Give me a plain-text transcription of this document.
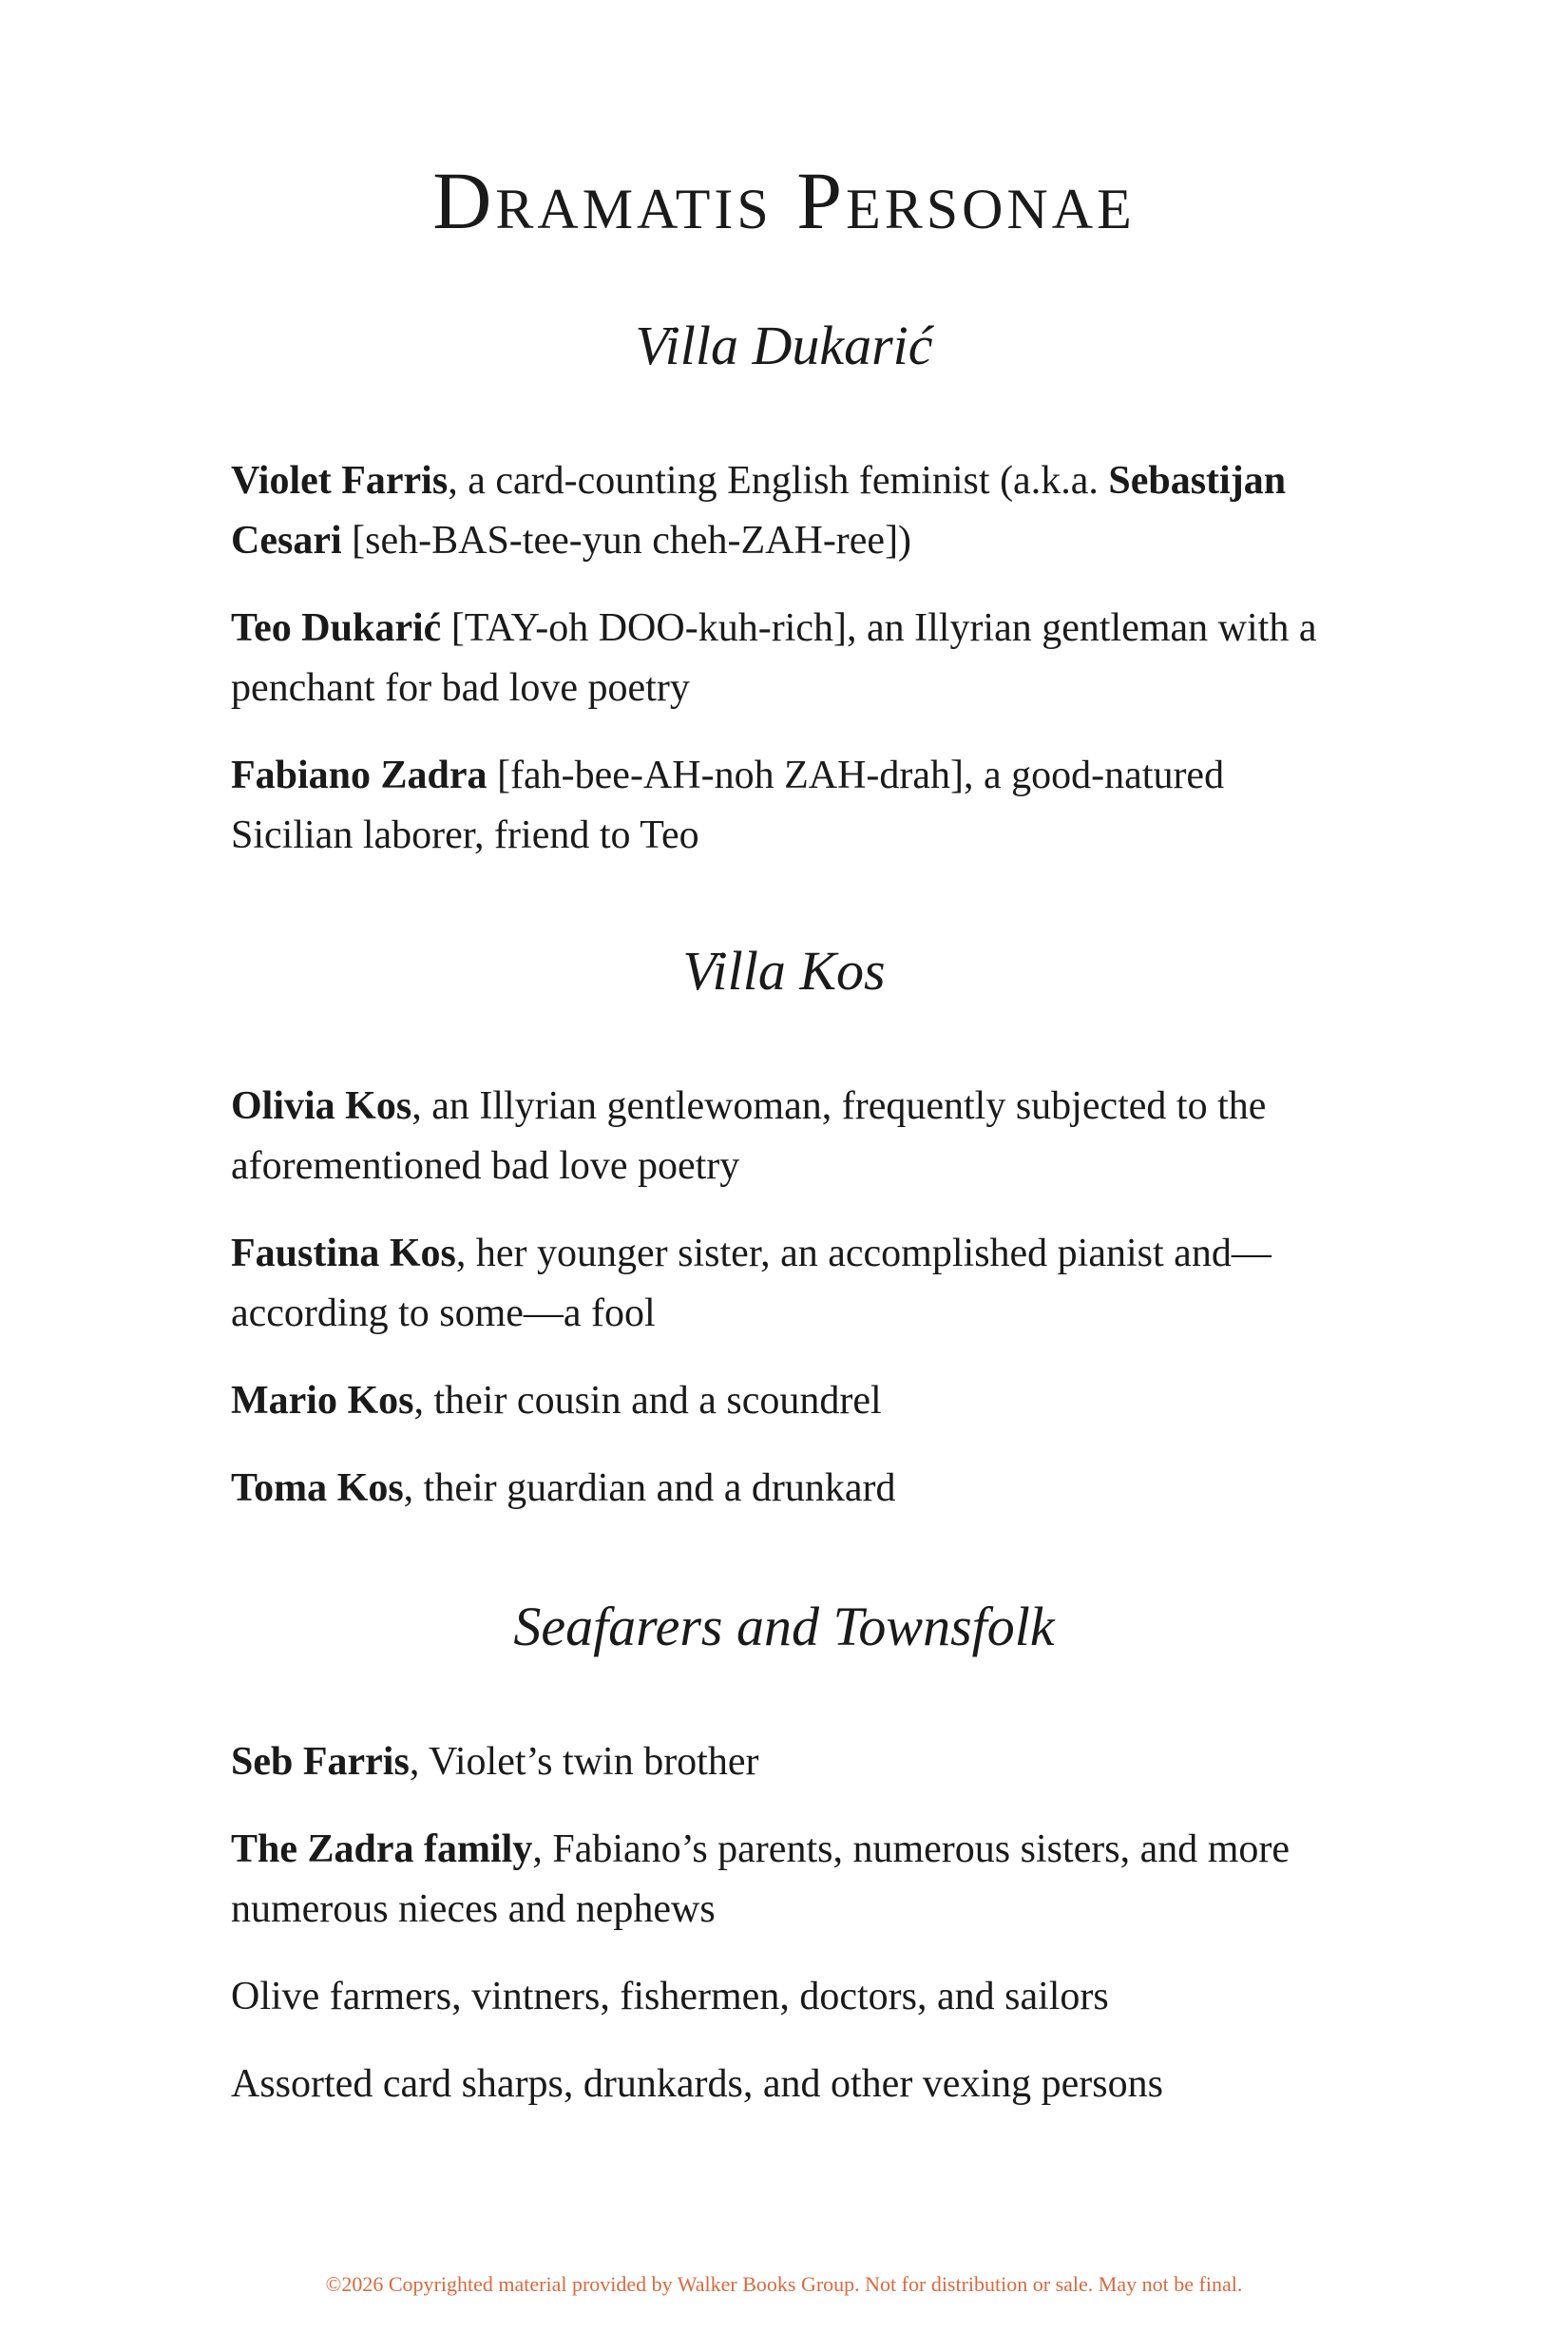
Dramatis Personae
Villa Dukarić
Violet Farris, a card-counting English feminist (a.k.a. Sebastijan Cesari [seh-BAS-tee-yun cheh-ZAH-ree])
Teo Dukarić [TAY-oh DOO-kuh-rich], an Illyrian gentleman with a penchant for bad love poetry
Fabiano Zadra [fah-bee-AH-noh ZAH-drah], a good-natured Sicilian laborer, friend to Teo
Villa Kos
Olivia Kos, an Illyrian gentlewoman, frequently subjected to the aforementioned bad love poetry
Faustina Kos, her younger sister, an accomplished pianist and—according to some—a fool
Mario Kos, their cousin and a scoundrel
Toma Kos, their guardian and a drunkard
Seafarers and Townsfolk
Seb Farris, Violet’s twin brother
The Zadra family, Fabiano’s parents, numerous sisters, and more numerous nieces and nephews
Olive farmers, vintners, fishermen, doctors, and sailors
Assorted card sharps, drunkards, and other vexing persons
©2026 Copyrighted material provided by Walker Books Group. Not for distribution or sale. May not be final.
